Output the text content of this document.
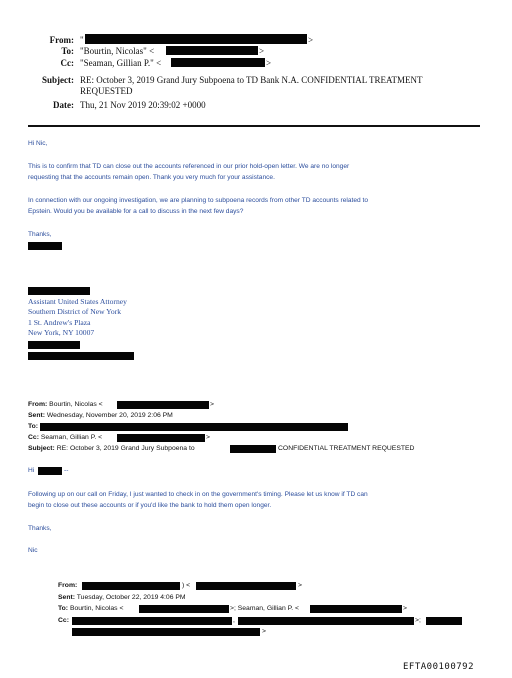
From: "	>
To: "Bourtin, Nicolas" <	>
Cc: "Seaman, Gillian P." <	>
Subject: RE: October 3, 2019 Grand Jury Subpoena to TD Bank N.A. CONFIDENTIAL TREATMENT
REQUESTED
Date: Thu, 21 Nov 2019 20:39:02 +0000
Hi Nic,
This is to confirm that TD can close out the accounts referenced in our prior hold-open letter. We are no longer
requesting that the accounts remain open. Thank you very much for your assistance.
In connection with our ongoing investigation, we are planning to subpoena records from other TD accounts related to
Epstein. Would you be available for a call to discuss in the next few days?
Thanks,
Assistant United States Attorney
Southern District of New York
1 St. Andrew's Plaza
New York, NY 10007
From: Bourtin, Nicolas <	>
Sent: Wednesday, November 20, 2019 2:06 PM
To:
Cc: Seaman, Gillian P. <	>
Subject: RE: October 3, 2019 Grand Jury Subpoena to	CONFIDENTIAL TREATMENT REQUESTED
Hi	--
Following up on our call on Friday, I just wanted to check in on the government's timing. Please let us know if TD can
begin to close out these accounts or if you'd like the bank to hold them open longer.
Thanks,
Nic
From:	) <	>
Sent: Tuesday, October 22, 2019 4:06 PM
To: Bourtin, Nicolas <	>; Seaman, Gillian P. <	>
Cc:	,	>;
>
EFTA00100792
